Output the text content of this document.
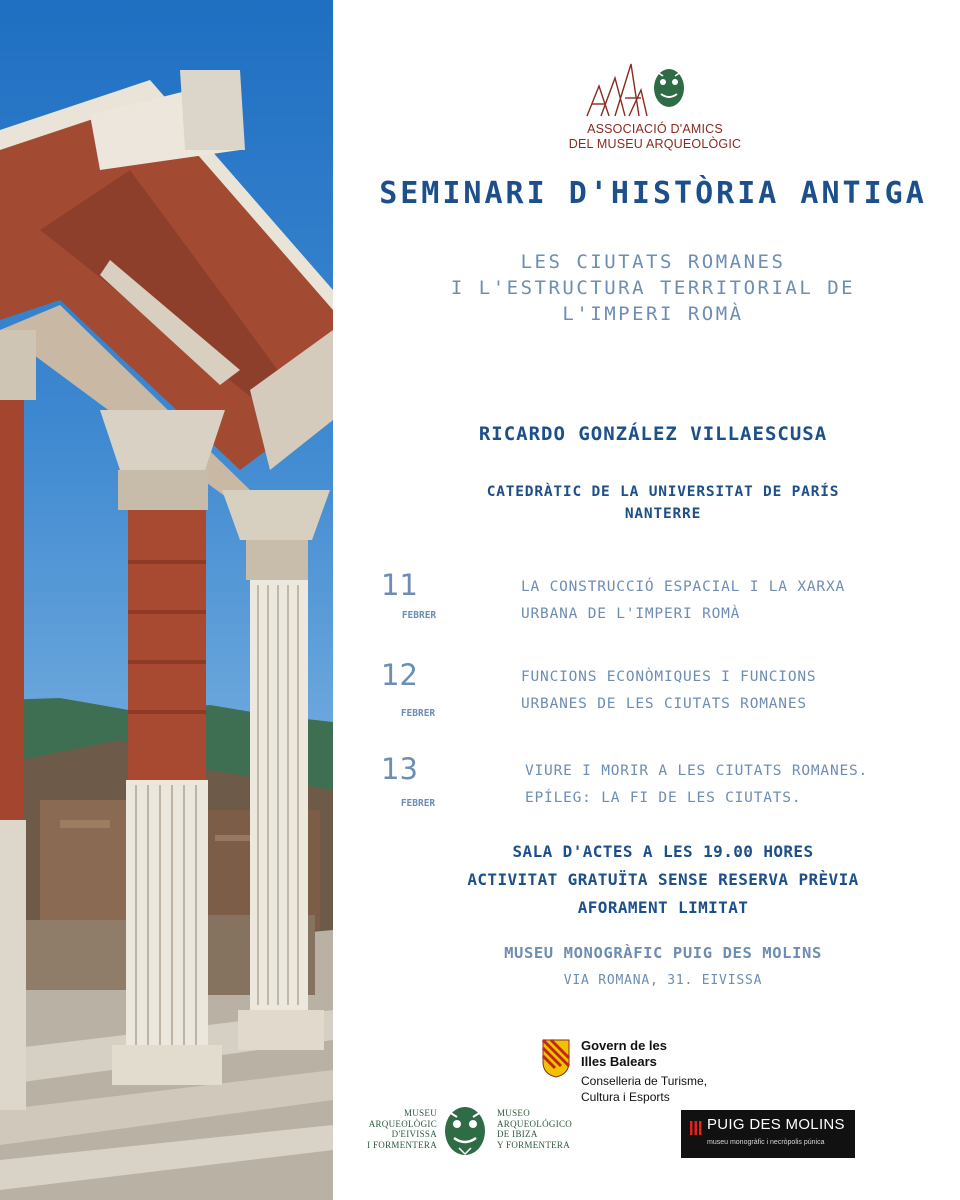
ASSOCIACIÓ D'AMICS
DEL MUSEU ARQUEOLÒGIC
SEMINARI D'HISTÒRIA ANTIGA
LES CIUTATS ROMANES
I L'ESTRUCTURA TERRITORIAL DE
L'IMPERI ROMÀ
RICARDO GONZÁLEZ VILLAESCUSA
CATEDRÀTIC DE LA UNIVERSITAT DE PARÍS
NANTERRE
11
FEBRER
LA CONSTRUCCIÓ ESPACIAL I LA XARXA
URBANA DE L'IMPERI ROMÀ
12
FEBRER
FUNCIONS ECONÒMIQUES I FUNCIONS
URBANES DE LES CIUTATS ROMANES
13
FEBRER
VIURE I MORIR A LES CIUTATS ROMANES.
EPÍLEG: LA FI DE LES CIUTATS.
SALA D'ACTES A LES 19.00 HORES
ACTIVITAT GRATUÏTA SENSE RESERVA PRÈVIA
AFORAMENT LIMITAT
MUSEU MONOGRÀFIC PUIG DES MOLINS
VIA ROMANA, 31. EIVISSA
Govern de les
Illes Balears
Conselleria de Turisme,
Cultura i Esports
MUSEU
ARQUEOLÒGIC
D'EIVISSA
I FORMENTERA
MUSEO
ARQUEOLÓGICO
DE IBIZA
Y FORMENTERA
PUIG DES MOLINS
museu monogràfic i necròpolis púnica
